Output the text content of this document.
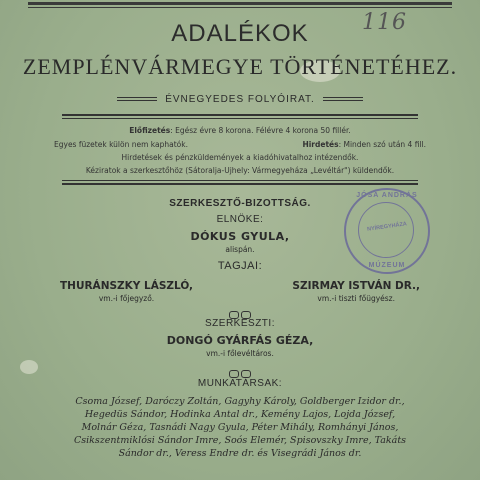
116
ADALÉKOK
ZEMPLÉNVÁRMEGYE TÖRTÉNETÉHEZ.
ÉVNEGYEDES FOLYÓIRAT.
Előfizetés: Egész évre 8 korona. Félévre 4 korona 50 fillér.
Egyes füzetek külön nem kaphatók.	Hirdetés: Minden szó után 4 fill.
Hirdetések és pénzküldemények a kiadóhivatalhoz intézendők.
Kéziratok a szerkesztőhöz (Sátoralja-Ujhely: Vármegyeháza „Levéltár") küldendők.
SZERKESZTŐ-BIZOTTSÁG.
ELNÖKE:
DÓKUS GYULA,
alispán.
TAGJAI:
THURÁNSZKY LÁSZLÓ,
vm.-i főjegyző.
SZIRMAY ISTVÁN DR.,
vm.-i tiszti főügyész.
SZERKESZTI:
DONGÓ GYÁRFÁS GÉZA,
vm.-i főlevéltáros.
MUNKATÁRSAK:
Csoma József, Daróczy Zoltán, Gagyhy Károly, Goldberger Izidor dr.,
Hegedüs Sándor, Hodinka Antal dr., Kemény Lajos, Lojda József,
Molnár Géza, Tasnádi Nagy Gyula, Péter Mihály, Romhányi János,
Csikszentmiklósi Sándor Imre, Soós Elemér, Spisovszky Imre, Takáts
Sándor dr., Veress Endre dr. és Visegrádi János dr.
JÓSA ANDRÁS
NYÍREGYHÁZA
MÚZEUM
